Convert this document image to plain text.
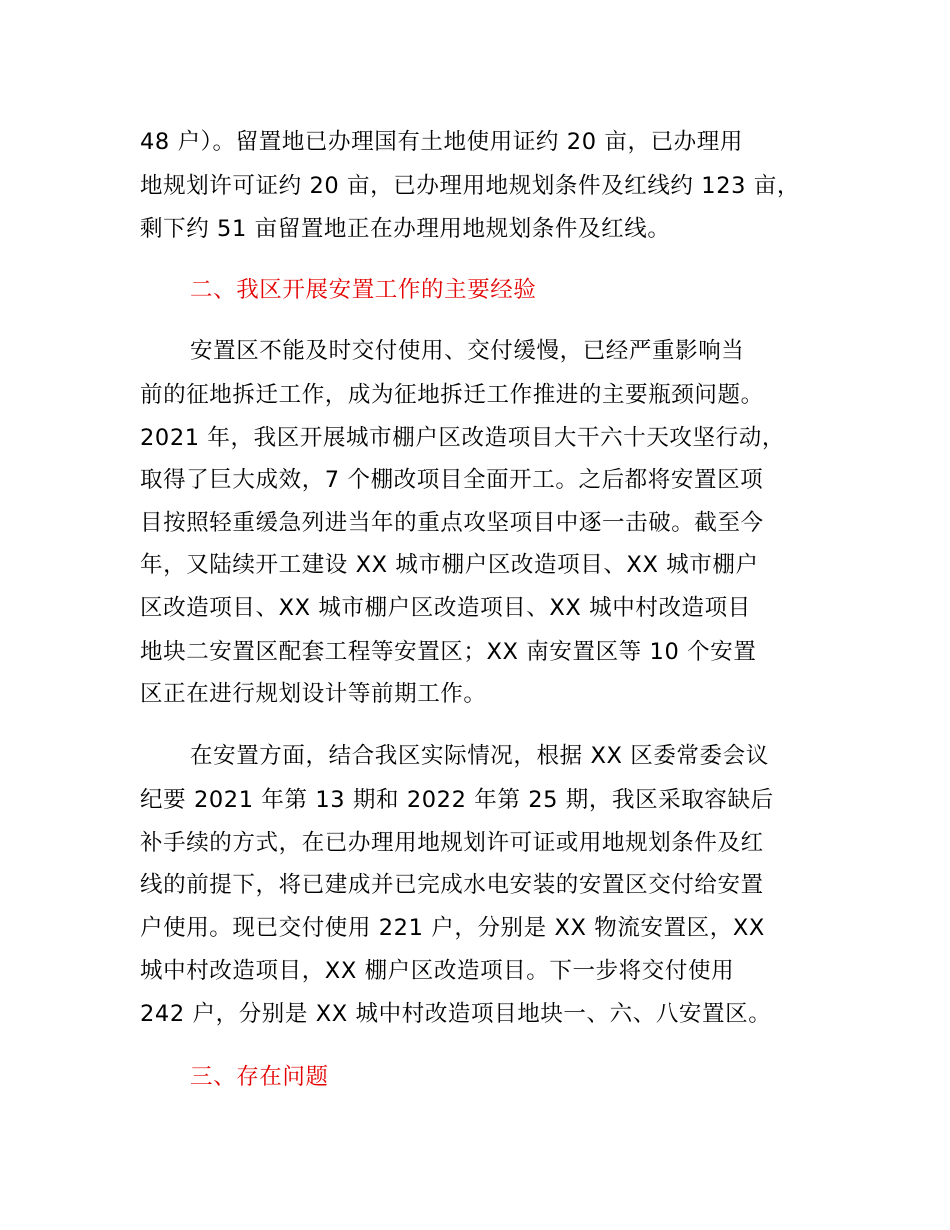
48 户）。留置地已办理国有土地使用证约 20 亩，已办理用
地规划许可证约 20 亩，已办理用地规划条件及红线约 123 亩，
剩下约 51 亩留置地正在办理用地规划条件及红线。
二、我区开展安置工作的主要经验
安置区不能及时交付使用、交付缓慢，已经严重影响当
前的征地拆迁工作，成为征地拆迁工作推进的主要瓶颈问题。
2021 年，我区开展城市棚户区改造项目大干六十天攻坚行动，
取得了巨大成效，7 个棚改项目全面开工。之后都将安置区项
目按照轻重缓急列进当年的重点攻坚项目中逐一击破。截至今
年，又陆续开工建设 XX 城市棚户区改造项目、XX 城市棚户
区改造项目、XX 城市棚户区改造项目、XX 城中村改造项目
地块二安置区配套工程等安置区；XX 南安置区等 10 个安置
区正在进行规划设计等前期工作。
在安置方面，结合我区实际情况，根据 XX 区委常委会议
纪要 2021 年第 13 期和 2022 年第 25 期，我区采取容缺后
补手续的方式，在已办理用地规划许可证或用地规划条件及红
线的前提下，将已建成并已完成水电安装的安置区交付给安置
户使用。现已交付使用 221 户，分别是 XX 物流安置区，XX
城中村改造项目，XX 棚户区改造项目。下一步将交付使用
242 户，分别是 XX 城中村改造项目地块一、六、八安置区。
三、存在问题
